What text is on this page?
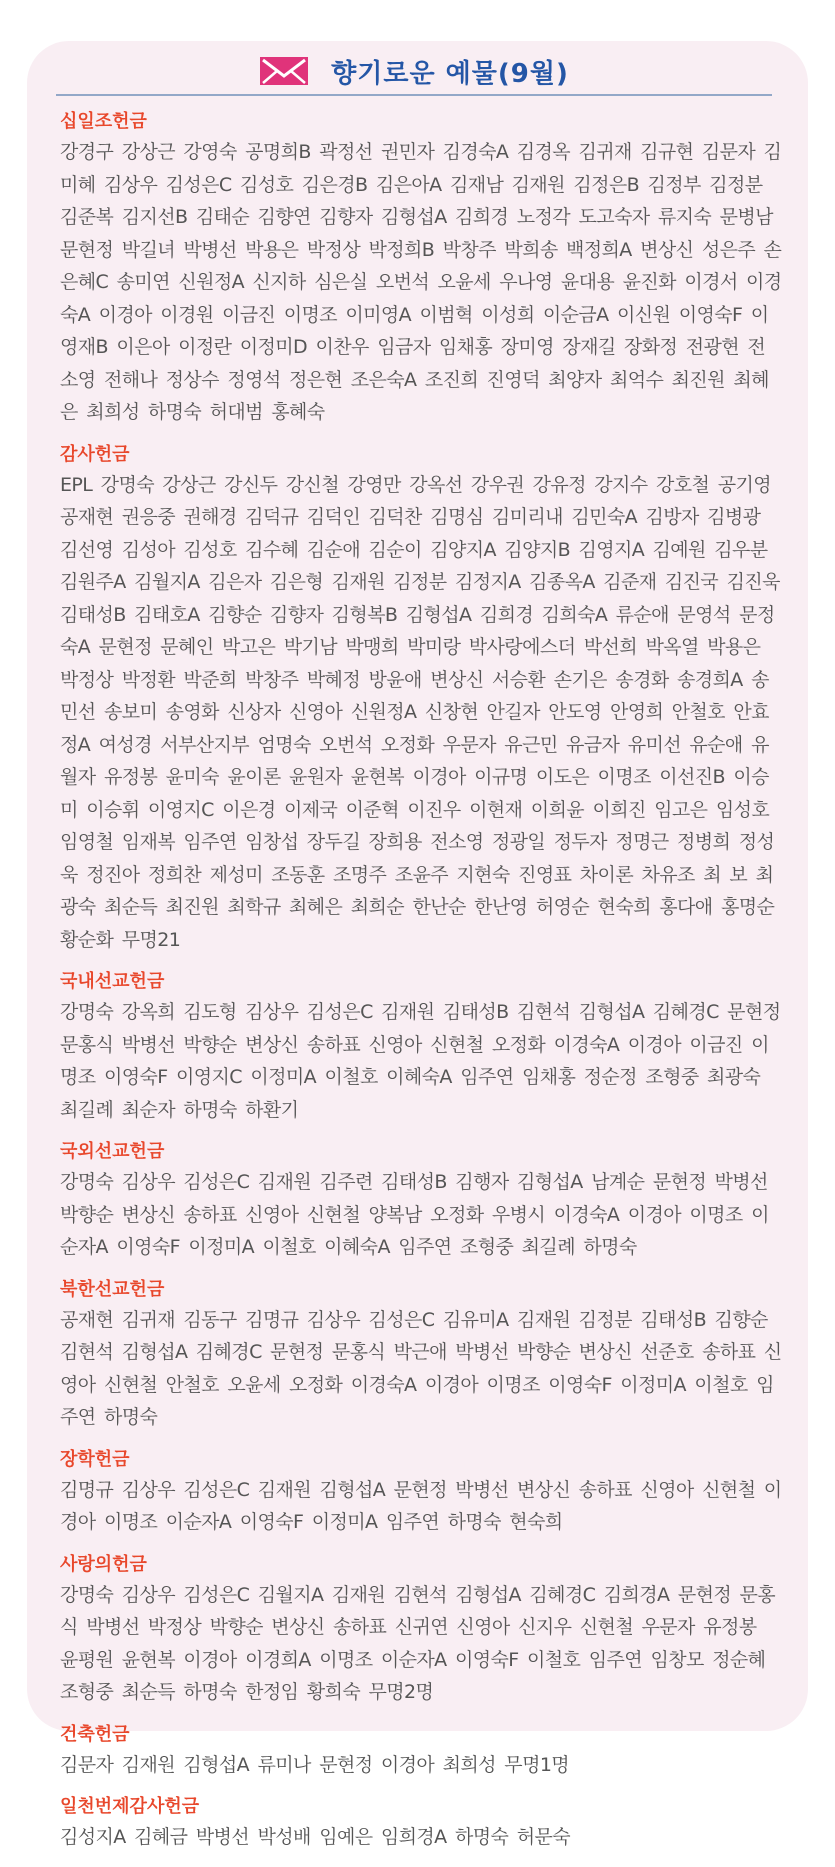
향기로운 예물(9월)
십일조헌금
강경구 강상근 강영숙 공명희B 곽정선 권민자 김경숙A 김경옥 김귀재 김규현 김문자 김미혜 김상우 김성은C 김성호 김은경B 김은아A 김재남 김재원 김정은B 김정부 김정분 김준복 김지선B 김태순 김향연 김향자 김형섭A 김희경 노정각 도고숙자 류지숙 문병남 문현정 박길녀 박병선 박용은 박정상 박정희B 박창주 박희송 백정희A 변상신 성은주 손은혜C 송미연 신원정A 신지하 심은실 오번석 오윤세 우나영 윤대용 윤진화 이경서 이경숙A 이경아 이경원 이금진 이명조 이미영A 이범혁 이성희 이순금A 이신원 이영숙F 이영재B 이은아 이정란 이정미D 이찬우 임금자 임채홍 장미영 장재길 장화정 전광현 전소영 전해나 정상수 정영석 정은현 조은숙A 조진희 진영덕 최양자 최억수 최진원 최혜은 최희성 하명숙 허대범 홍혜숙
감사헌금
EPL 강명숙 강상근 강신두 강신철 강영만 강옥선 강우권 강유정 강지수 강호철 공기영 공재현 권응중 권해경 김덕규 김덕인 김덕찬 김명심 김미리내 김민숙A 김방자 김병광 김선영 김성아 김성호 김수혜 김순애 김순이 김양지A 김양지B 김영지A 김예원 김우분 김원주A 김월지A 김은자 김은형 김재원 김정분 김정지A 김종옥A 김준재 김진국 김진욱 김태성B 김태호A 김향순 김향자 김형복B 김형섭A 김희경 김희숙A 류순애 문영석 문정숙A 문현정 문혜인 박고은 박기남 박맹희 박미랑 박사랑에스더 박선희 박옥열 박용은 박정상 박정환 박준희 박창주 박혜정 방윤애 변상신 서승환 손기은 송경화 송경희A 송민선 송보미 송영화 신상자 신영아 신원정A 신창현 안길자 안도영 안영희 안철호 안효정A 여성경 서부산지부 엄명숙 오번석 오정화 우문자 유근민 유금자 유미선 유순애 유월자 유정봉 윤미숙 윤이론 윤원자 윤현복 이경아 이규명 이도은 이명조 이선진B 이승미 이승휘 이영지C 이은경 이제국 이준혁 이진우 이현재 이희윤 이희진 임고은 임성호 임영철 임재복 임주연 임창섭 장두길 장희용 전소영 정광일 정두자 정명근 정병희 정성욱 정진아 정희찬 제성미 조동훈 조명주 조윤주 지현숙 진영표 차이론 차유조 최 보 최광숙 최순득 최진원 최학규 최혜은 최희순 한난순 한난영 허영순 현숙희 홍다애 홍명순 황순화 무명21
국내선교헌금
강명숙 강옥희 김도형 김상우 김성은C 김재원 김태성B 김현석 김형섭A 김혜경C 문현정 문홍식 박병선 박향순 변상신 송하표 신영아 신현철 오정화 이경숙A 이경아 이금진 이명조 이영숙F 이영지C 이정미A 이철호 이혜숙A 임주연 임채홍 정순정 조형중 최광숙 최길례 최순자 하명숙 하환기
국외선교헌금
강명숙 김상우 김성은C 김재원 김주련 김태성B 김행자 김형섭A 남계순 문현정 박병선 박향순 변상신 송하표 신영아 신현철 양복남 오정화 우병시 이경숙A 이경아 이명조 이순자A 이영숙F 이정미A 이철호 이혜숙A 임주연 조형중 최길례 하명숙
북한선교헌금
공재현 김귀재 김동구 김명규 김상우 김성은C 김유미A 김재원 김정분 김태성B 김향순 김현석 김형섭A 김혜경C 문현정 문홍식 박근애 박병선 박향순 변상신 선준호 송하표 신영아 신현철 안철호 오윤세 오정화 이경숙A 이경아 이명조 이영숙F 이정미A 이철호 임 주연 하명숙
장학헌금
김명규 김상우 김성은C 김재원 김형섭A 문현정 박병선 변상신 송하표 신영아 신현철 이경아 이명조 이순자A 이영숙F 이정미A 임주연 하명숙 현숙희
사랑의헌금
강명숙 김상우 김성은C 김월지A 김재원 김현석 김형섭A 김혜경C 김희경A 문현정 문홍식 박병선 박정상 박향순 변상신 송하표 신귀연 신영아 신지우 신현철 우문자 유정봉 윤평원 윤현복 이경아 이경희A 이명조 이순자A 이영숙F 이철호 임주연 임창모 정순혜 조형중 최순득 하명숙 한정임 황희숙 무명2명
건축헌금
김문자 김재원 김형섭A 류미나 문현정 이경아 최희성 무명1명
일천번제감사헌금
김성지A 김혜금 박병선 박성배 임예은 임희경A 하명숙 허문숙
